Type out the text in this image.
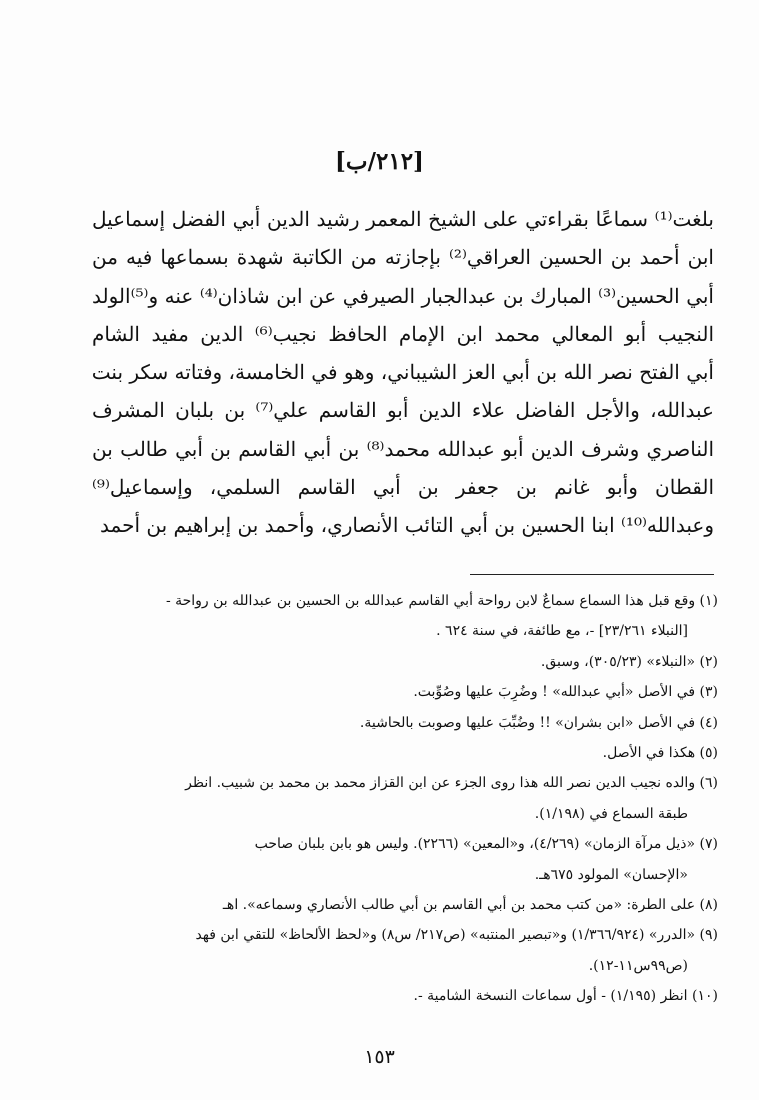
[٢١٢/ب]
بلغت⁽¹⁾ سماعًا بقراءتي على الشيخ المعمر رشيد الدين أبي الفضل إسماعيل
ابن أحمد بن الحسين العراقي⁽²⁾ بإجازته من الكاتبة شهدة بسماعها فيه من
أبي الحسين⁽³⁾ المبارك بن عبدالجبار الصيرفي عن ابن شاذان⁽⁴⁾ عنه و⁽⁵⁾الولد
النجيب أبو المعالي محمد ابن الإمام الحافظ نجيب⁽⁶⁾ الدين مفيد الشام
أبي الفتح نصر الله بن أبي العز الشيباني، وهو في الخامسة، وفتاته سكر بنت
عبدالله، والأجل الفاضل علاء الدين أبو القاسم علي⁽⁷⁾ بن بلبان المشرف
الناصري وشرف الدين أبو عبدالله محمد⁽⁸⁾ بن أبي القاسم بن أبي طالب بن
القطان وأبو غانم بن جعفر بن أبي القاسم السلمي، وإسماعيل⁽⁹⁾
وعبدالله⁽¹⁰⁾ ابنا الحسين بن أبي التائب الأنصاري، وأحمد بن إبراهيم بن أحمد
(١) وقع قبل هذا السماع سماعٌ لابن رواحة أبي القاسم عبدالله بن الحسين بن عبدالله بن رواحة -
[النبلاء ٢٣/٢٦١] -، مع طائفة، في سنة ٦٢٤ .
(٢) «النبلاء» (٣٠٥/٢٣)، وسبق.
(٣) في الأصل «أبي عبدالله» ! وضُرِبَ عليها وصُوِّبت.
(٤) في الأصل «ابن بشران» !! وضُبِّبَ عليها وصوبت بالحاشية.
(٥) هكذا في الأصل.
(٦) والده نجيب الدين نصر الله هذا روى الجزء عن ابن القزاز محمد بن محمد بن شبيب. انظر
طبقة السماع في (١/١٩٨).
(٧) «ذيل مرآة الزمان» (٤/٢٦٩)، و«المعين» (٢٢٦٦). وليس هو بابن بلبان صاحب
«الإحسان» المولود ٦٧٥هـ.
(٨) على الطرة: «من كتب محمد بن أبي القاسم بن أبي طالب الأنصاري وسماعه». اهـ
(٩) «الدرر» (١/٣٦٦/٩٢٤) و«تبصير المنتبه» (ص٢١٧/ س٨) و«لحظ الألحاظ» للتقي ابن فهد
(ص٩٩س١١-١٢).
(١٠) انظر (١/١٩٥) - أول سماعات النسخة الشامية -.
١٥٣
